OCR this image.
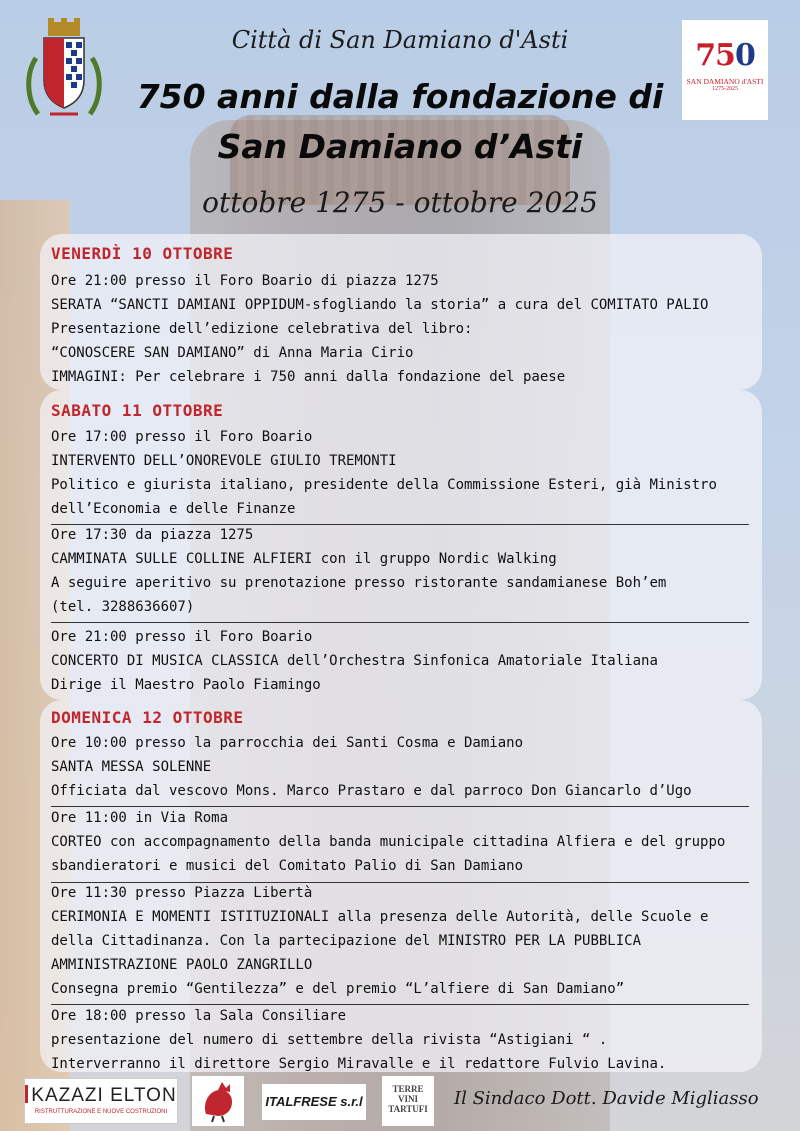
750
SAN DAMIANO d'ASTI
1275-2025
Città di San Damiano d'Asti
750 anni dalla fondazione di
San Damiano d’Asti
ottobre 1275 - ottobre 2025
VENERDÌ 10 OTTOBRE
Ore 21:00 presso il Foro Boario di piazza 1275
SERATA “SANCTI DAMIANI OPPIDUM-sfogliando la storia” a cura del COMITATO PALIO
Presentazione dell’edizione celebrativa del libro:
“CONOSCERE SAN DAMIANO” di Anna Maria Cirio
IMMAGINI: Per celebrare i 750 anni dalla fondazione del paese
SABATO 11 OTTOBRE
Ore 17:00 presso il Foro Boario
INTERVENTO DELL’ONOREVOLE GIULIO TREMONTI
Politico e giurista italiano, presidente della Commissione Esteri, già Ministro
dell’Economia e delle Finanze
Ore 17:30 da piazza 1275
CAMMINATA SULLE COLLINE ALFIERI con il gruppo Nordic Walking
A seguire aperitivo su prenotazione presso ristorante sandamianese Boh’em
(tel. 3288636607)
Ore 21:00 presso il Foro Boario
CONCERTO DI MUSICA CLASSICA dell’Orchestra Sinfonica Amatoriale Italiana
Dirige il Maestro Paolo Fiamingo
DOMENICA 12 OTTOBRE
Ore 10:00 presso la parrocchia dei Santi Cosma e Damiano
SANTA MESSA SOLENNE
Officiata dal vescovo Mons. Marco Prastaro e dal parroco Don Giancarlo d’Ugo
Ore 11:00 in Via Roma
CORTEO con accompagnamento della banda municipale cittadina Alfiera e del gruppo
sbandieratori e musici del Comitato Palio di San Damiano
Ore 11:30 presso Piazza Libertà
CERIMONIA E MOMENTI ISTITUZIONALI alla presenza delle Autorità, delle Scuole e
della Cittadinanza. Con la partecipazione del MINISTRO PER LA PUBBLICA
AMMINISTRAZIONE PAOLO ZANGRILLO
Consegna premio “Gentilezza” e del premio “L’alfiere di San Damiano”
Ore 18:00 presso la Sala Consiliare
presentazione del numero di settembre della rivista “Astigiani “ .
Interverranno il direttore Sergio Miravalle e il redattore Fulvio Lavina.
KAZAZI ELTON
RISTRUTTURAZIONE E NUOVE COSTRUZIONI
ITALFRESE s.r.l
TERRE VINI TARTUFI	Il Sindaco Dott. Davide Migliasso
